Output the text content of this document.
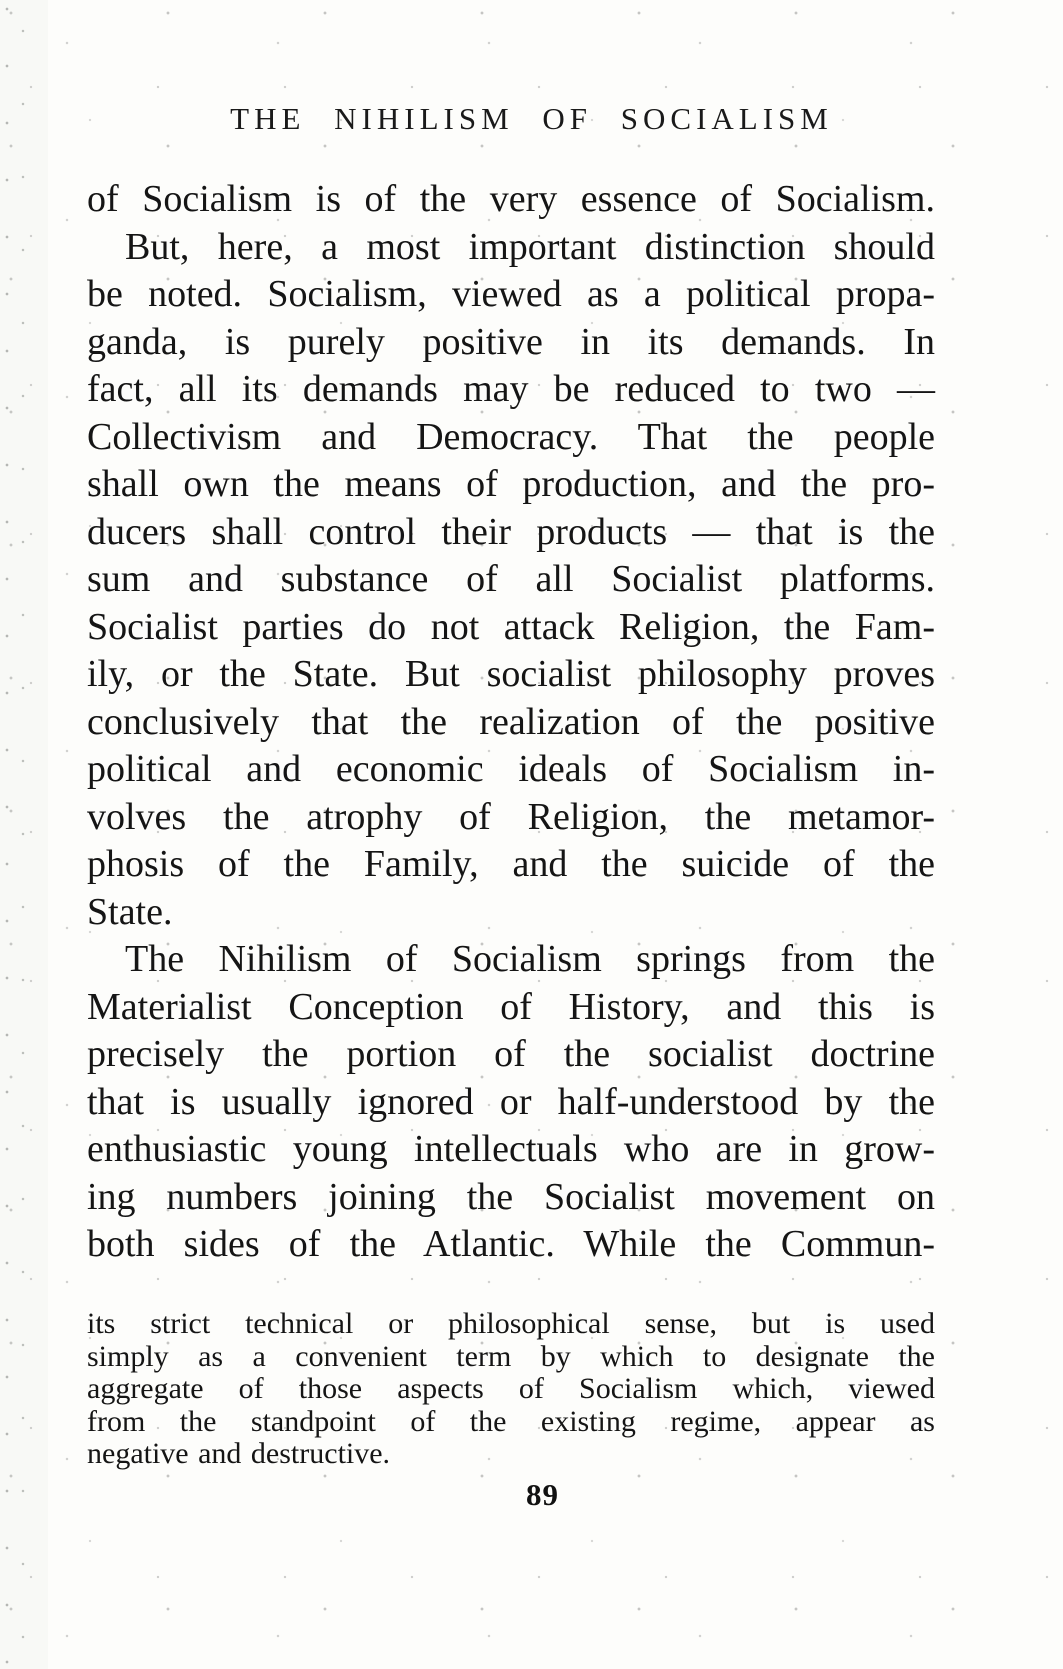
THE NIHILISM OF SOCIALISM
of Socialism is of the very essence of Socialism.
But, here, a most important distinction should
be noted. Socialism, viewed as a political propa-
ganda, is purely positive in its demands. In
fact, all its demands may be reduced to two —
Collectivism and Democracy. That the people
shall own the means of production, and the pro-
ducers shall control their products — that is the
sum and substance of all Socialist platforms.
Socialist parties do not attack Religion, the Fam-
ily, or the State. But socialist philosophy proves
conclusively that the realization of the positive
political and economic ideals of Socialism in-
volves the atrophy of Religion, the metamor-
phosis of the Family, and the suicide of the
State.
The Nihilism of Socialism springs from the
Materialist Conception of History, and this is
precisely the portion of the socialist doctrine
that is usually ignored or half-understood by the
enthusiastic young intellectuals who are in grow-
ing numbers joining the Socialist movement on
both sides of the Atlantic. While the Commun-
its strict technical or philosophical sense, but is used
simply as a convenient term by which to designate the
aggregate of those aspects of Socialism which, viewed
from the standpoint of the existing regime, appear as
negative and destructive.
89
